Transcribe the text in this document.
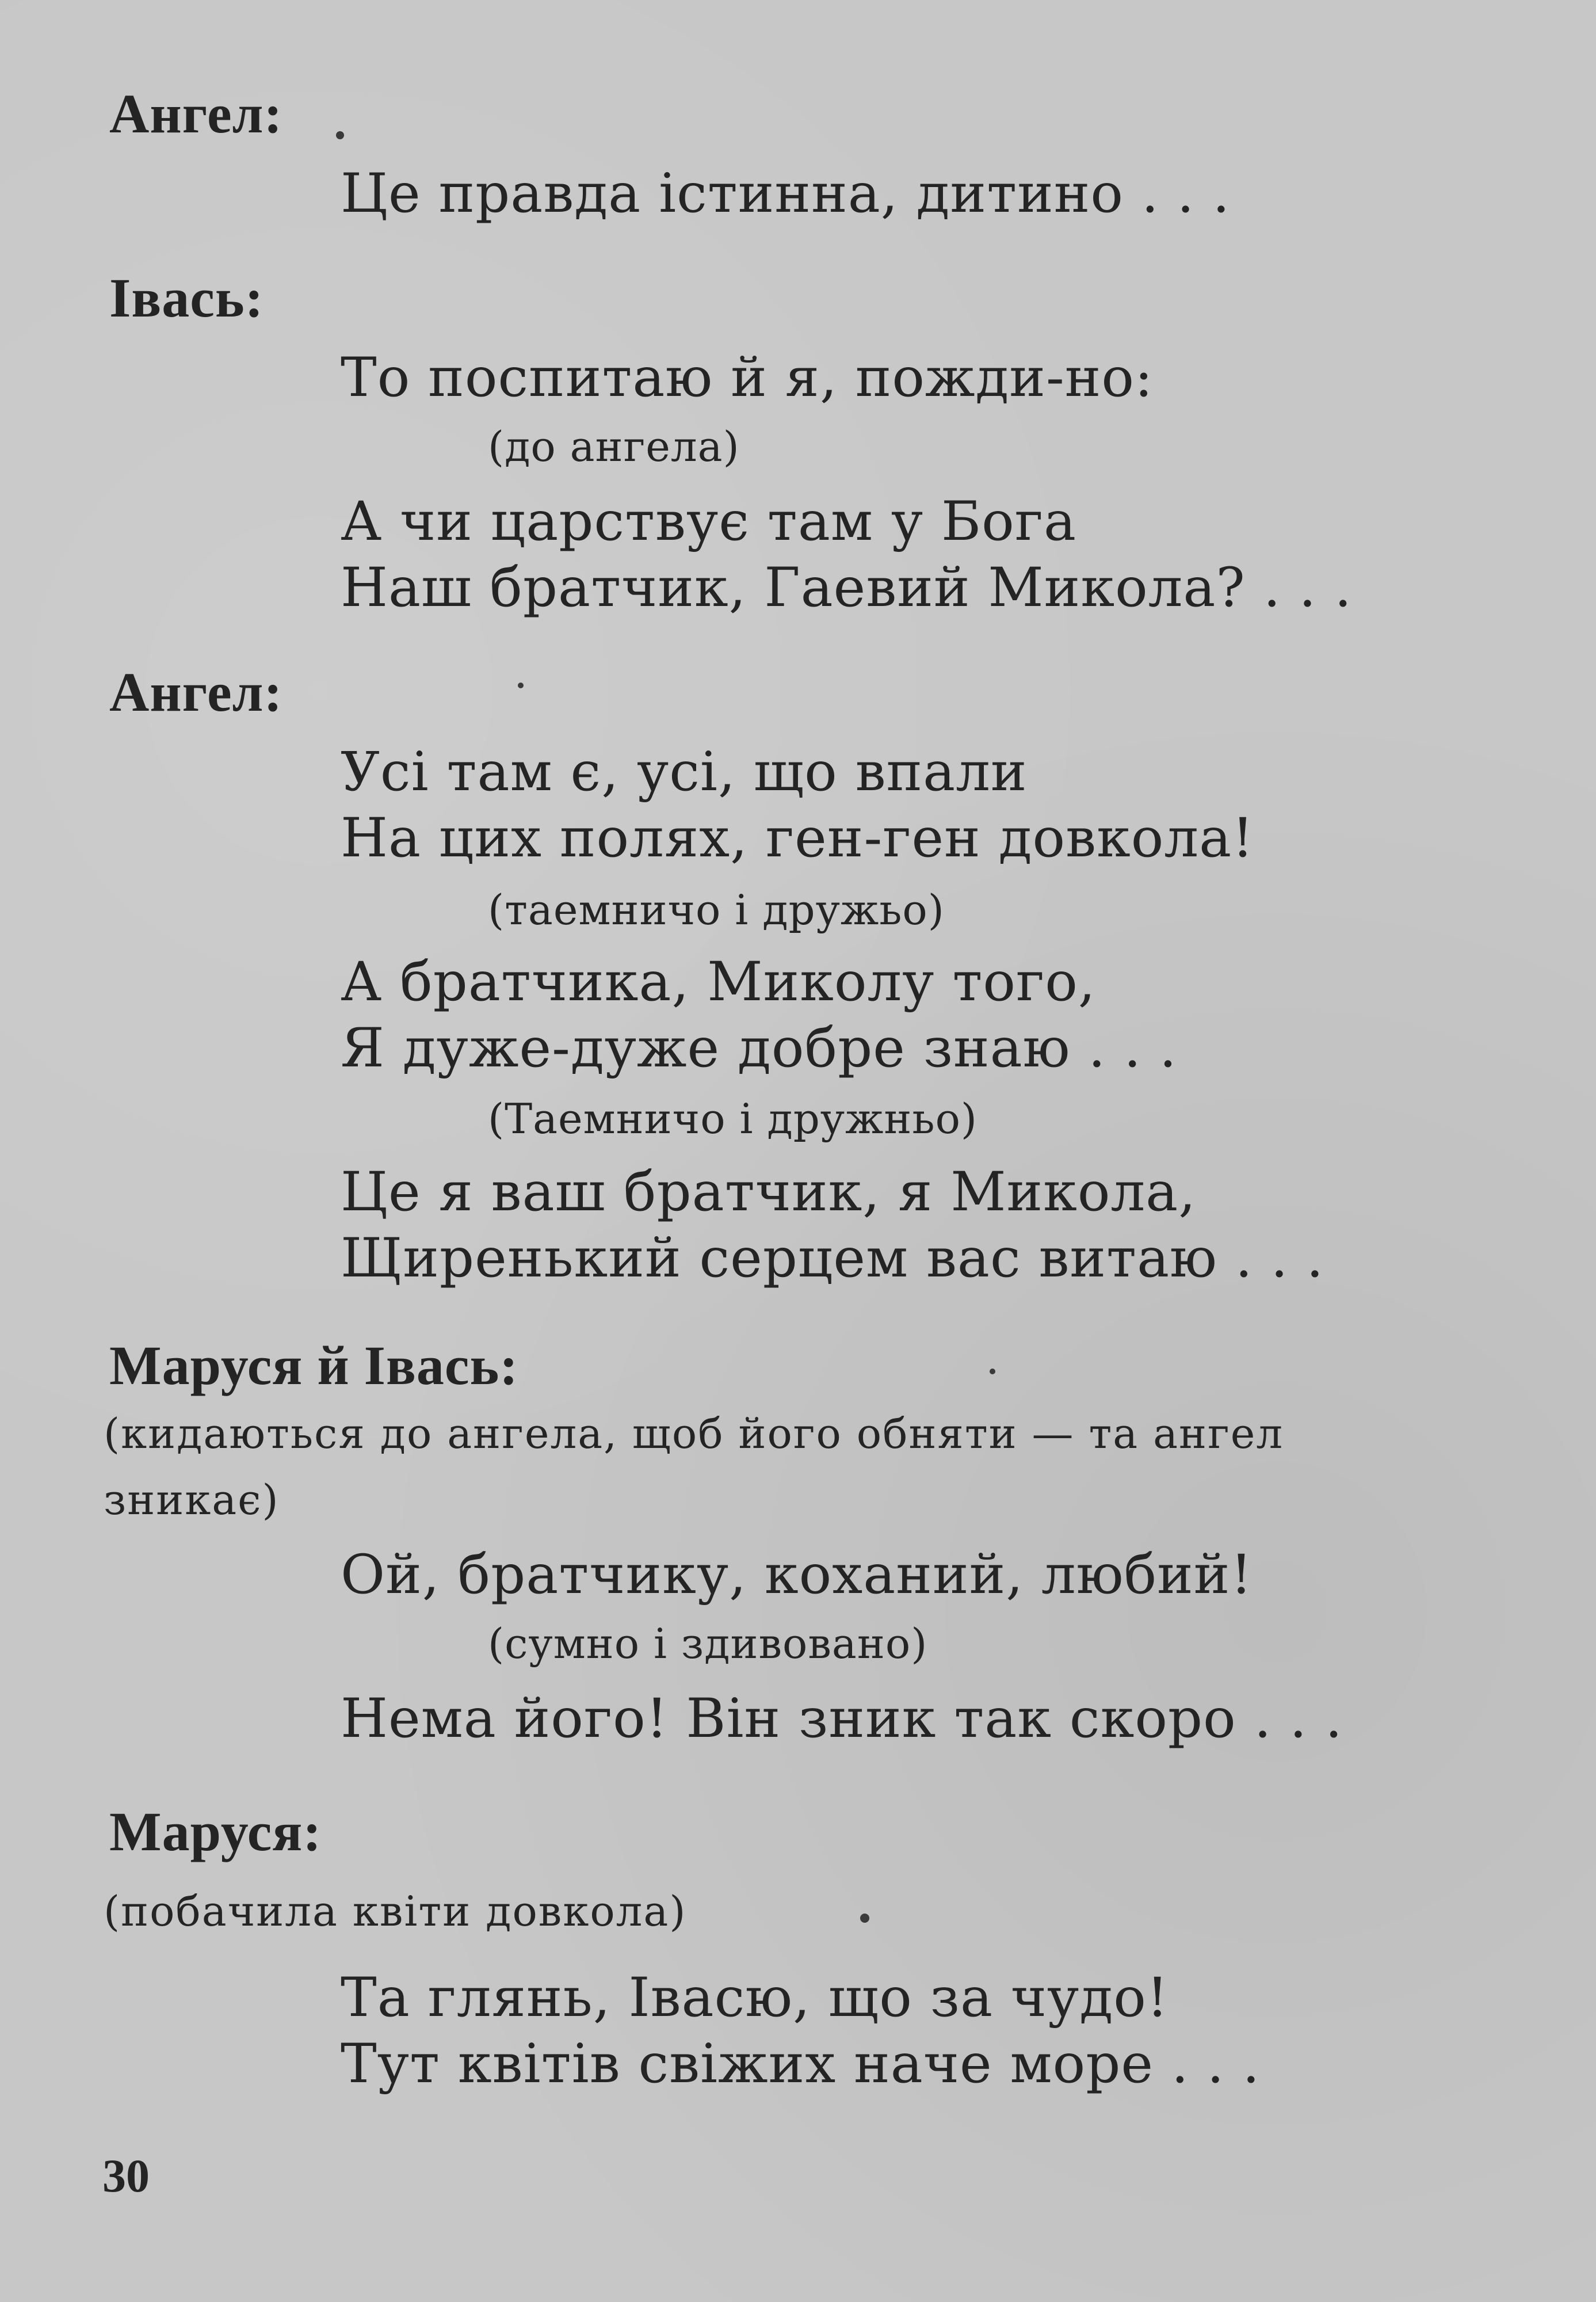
Ангел:
Це правда істинна, дитино . . .
Івась:
То поспитаю й я, пожди-но:
(до ангела)
А чи царствує там у Бога
Наш братчик, Гаевий Микола? . . .
Ангел:
Усі там є, усі, що впали
На цих полях, ген-ген довкола!
(таемничо і дружьо)
А братчика, Миколу того,
Я дуже-дуже добре знаю . . .
(Таемничо і дружньо)
Це я ваш братчик, я Микола,
Щиренький серцем вас витаю . . .
Маруся й Івась:
(кидаються до ангела, щоб його обняти — та ангел
зникає)
Ой, братчику, коханий, любий!
(сумно і здивовано)
Нема його! Він зник так скоро . . .
Маруся:
(побачила квіти довкола)
Та глянь, Івасю, що за чудо!
Тут квітів свіжих наче море . . .
30
